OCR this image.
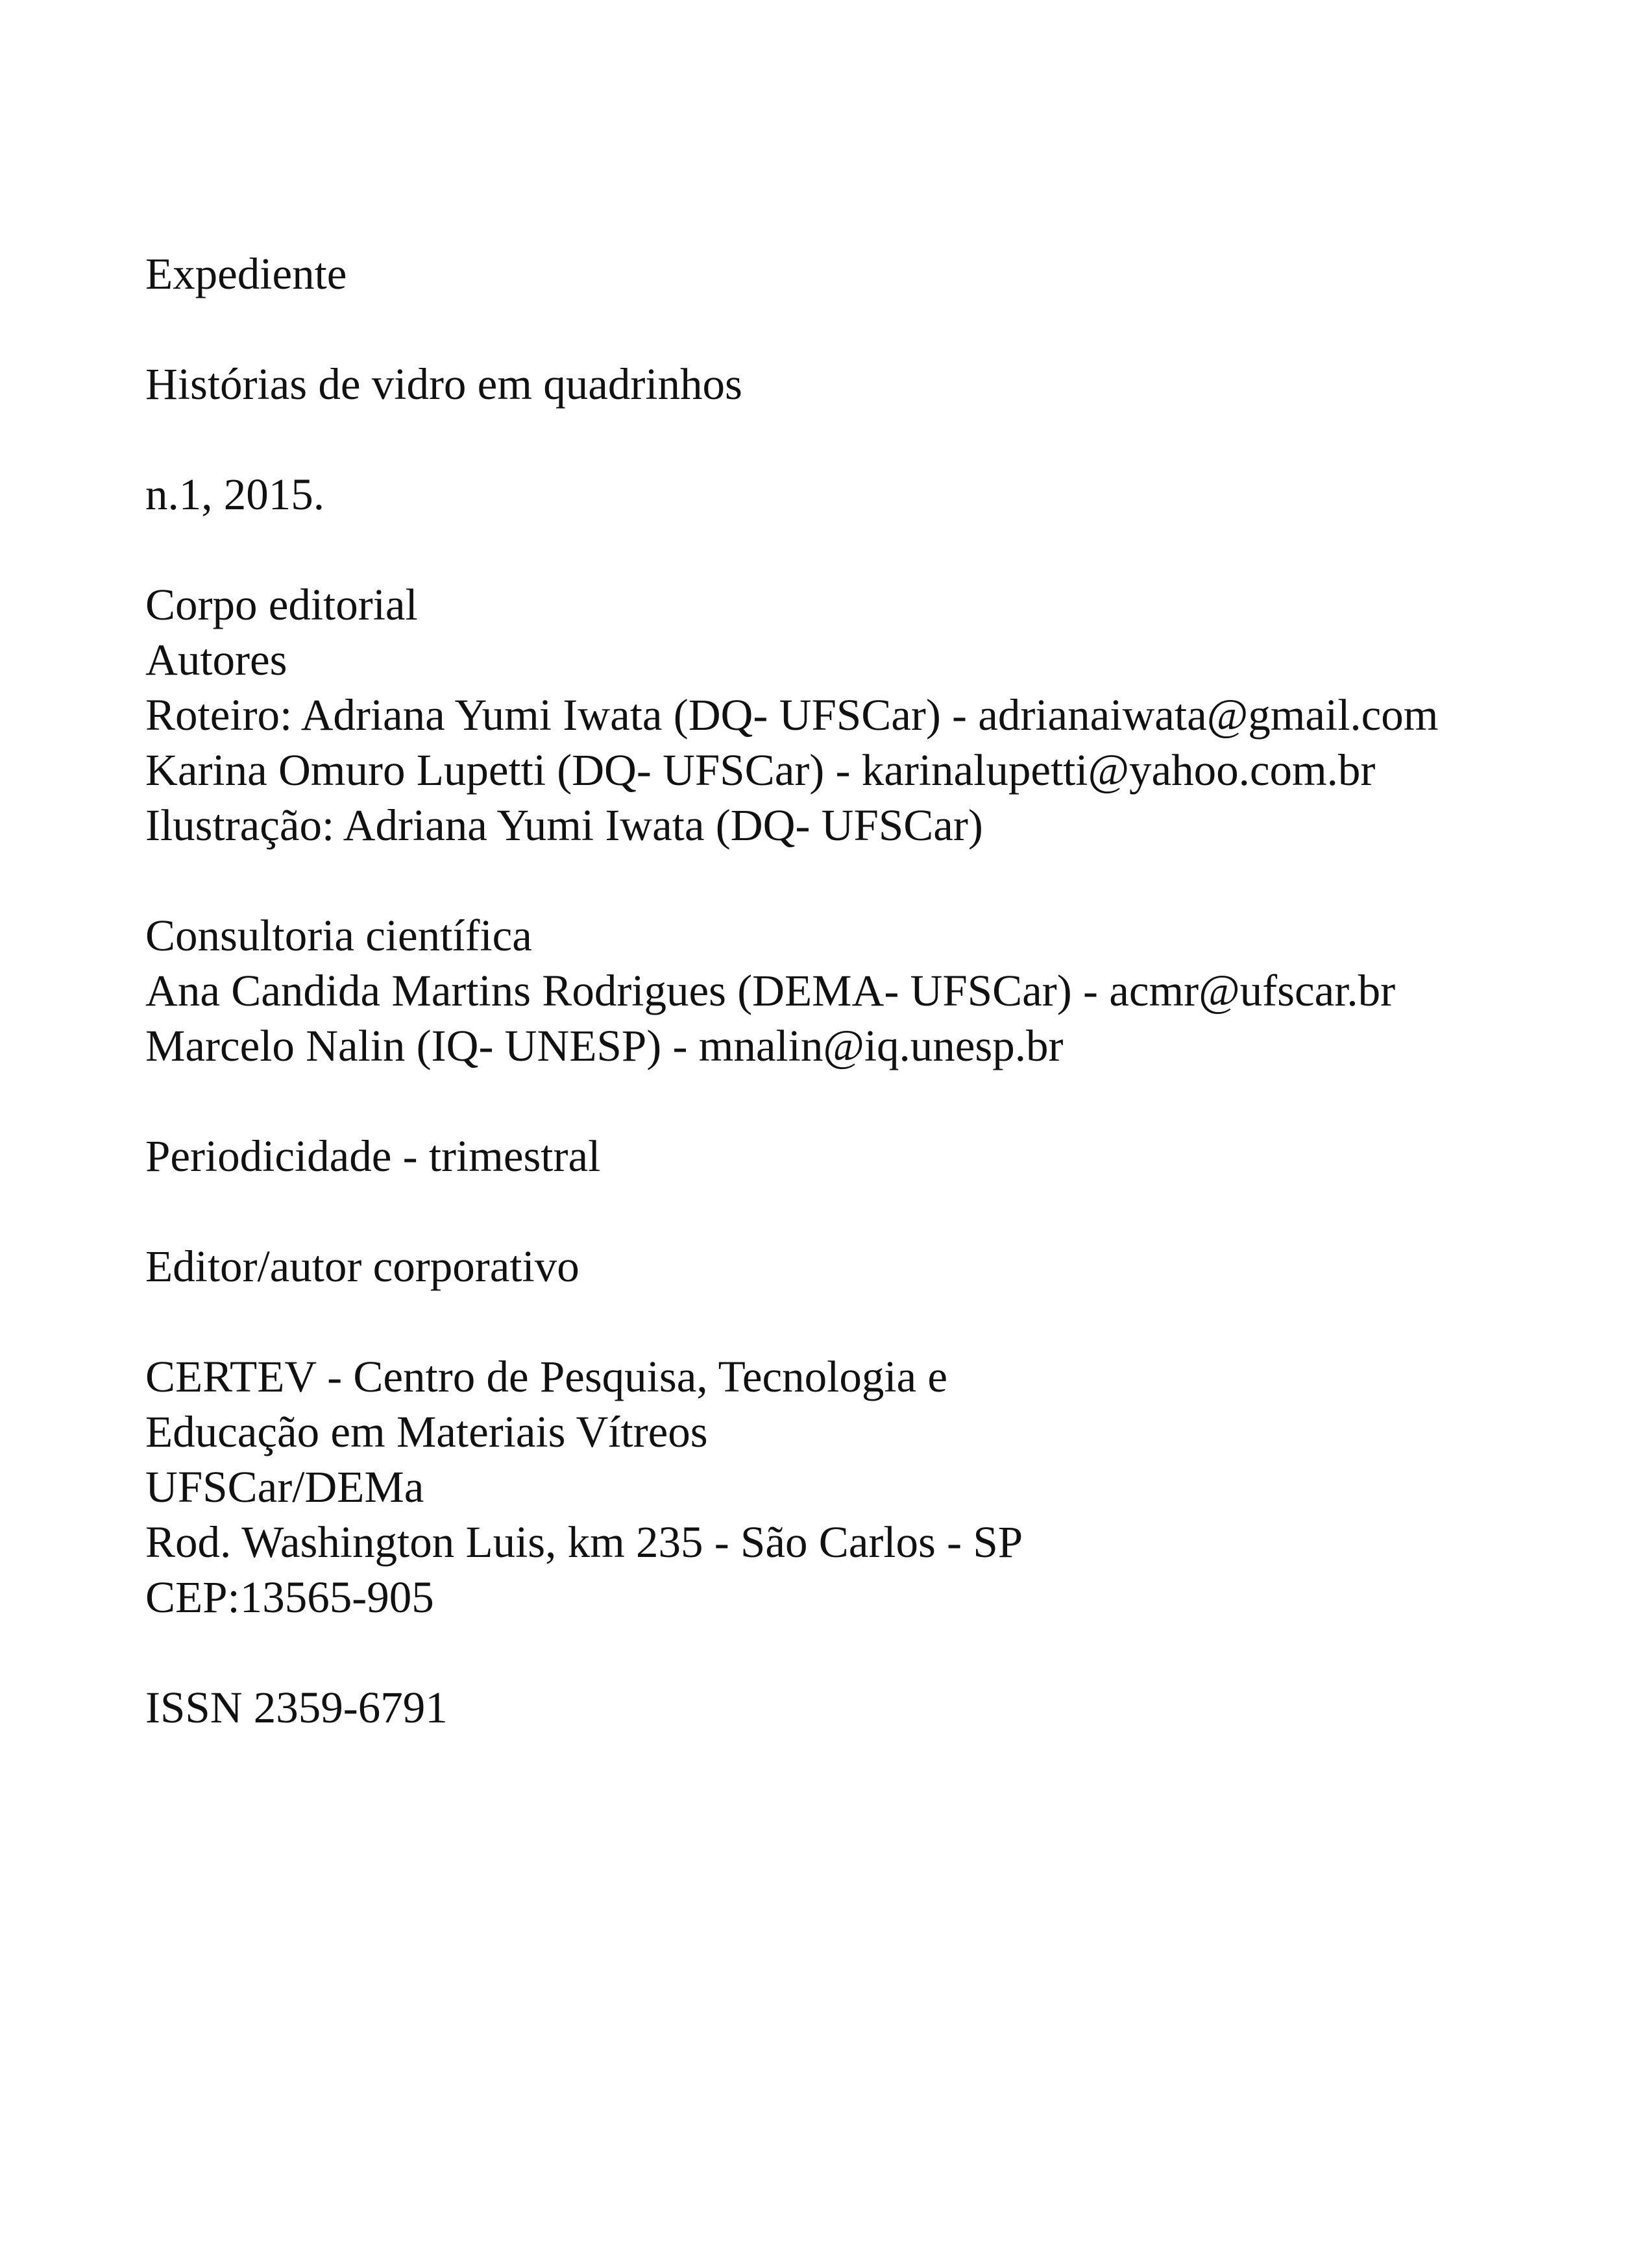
Expediente
Histórias de vidro em quadrinhos
n.1, 2015.
Corpo editorial
Autores
Roteiro: Adriana Yumi Iwata (DQ- UFSCar) - adrianaiwata@gmail.com
Karina Omuro Lupetti (DQ- UFSCar) - karinalupetti@yahoo.com.br
Ilustração: Adriana Yumi Iwata (DQ- UFSCar)
Consultoria científica
Ana Candida Martins Rodrigues (DEMA- UFSCar) - acmr@ufscar.br
Marcelo Nalin (IQ- UNESP) - mnalin@iq.unesp.br
Periodicidade - trimestral
Editor/autor corporativo
CERTEV - Centro de Pesquisa, Tecnologia e
Educação em Materiais Vítreos
UFSCar/DEMa
Rod. Washington Luis, km 235 - São Carlos - SP
CEP:13565-905
ISSN 2359-6791
